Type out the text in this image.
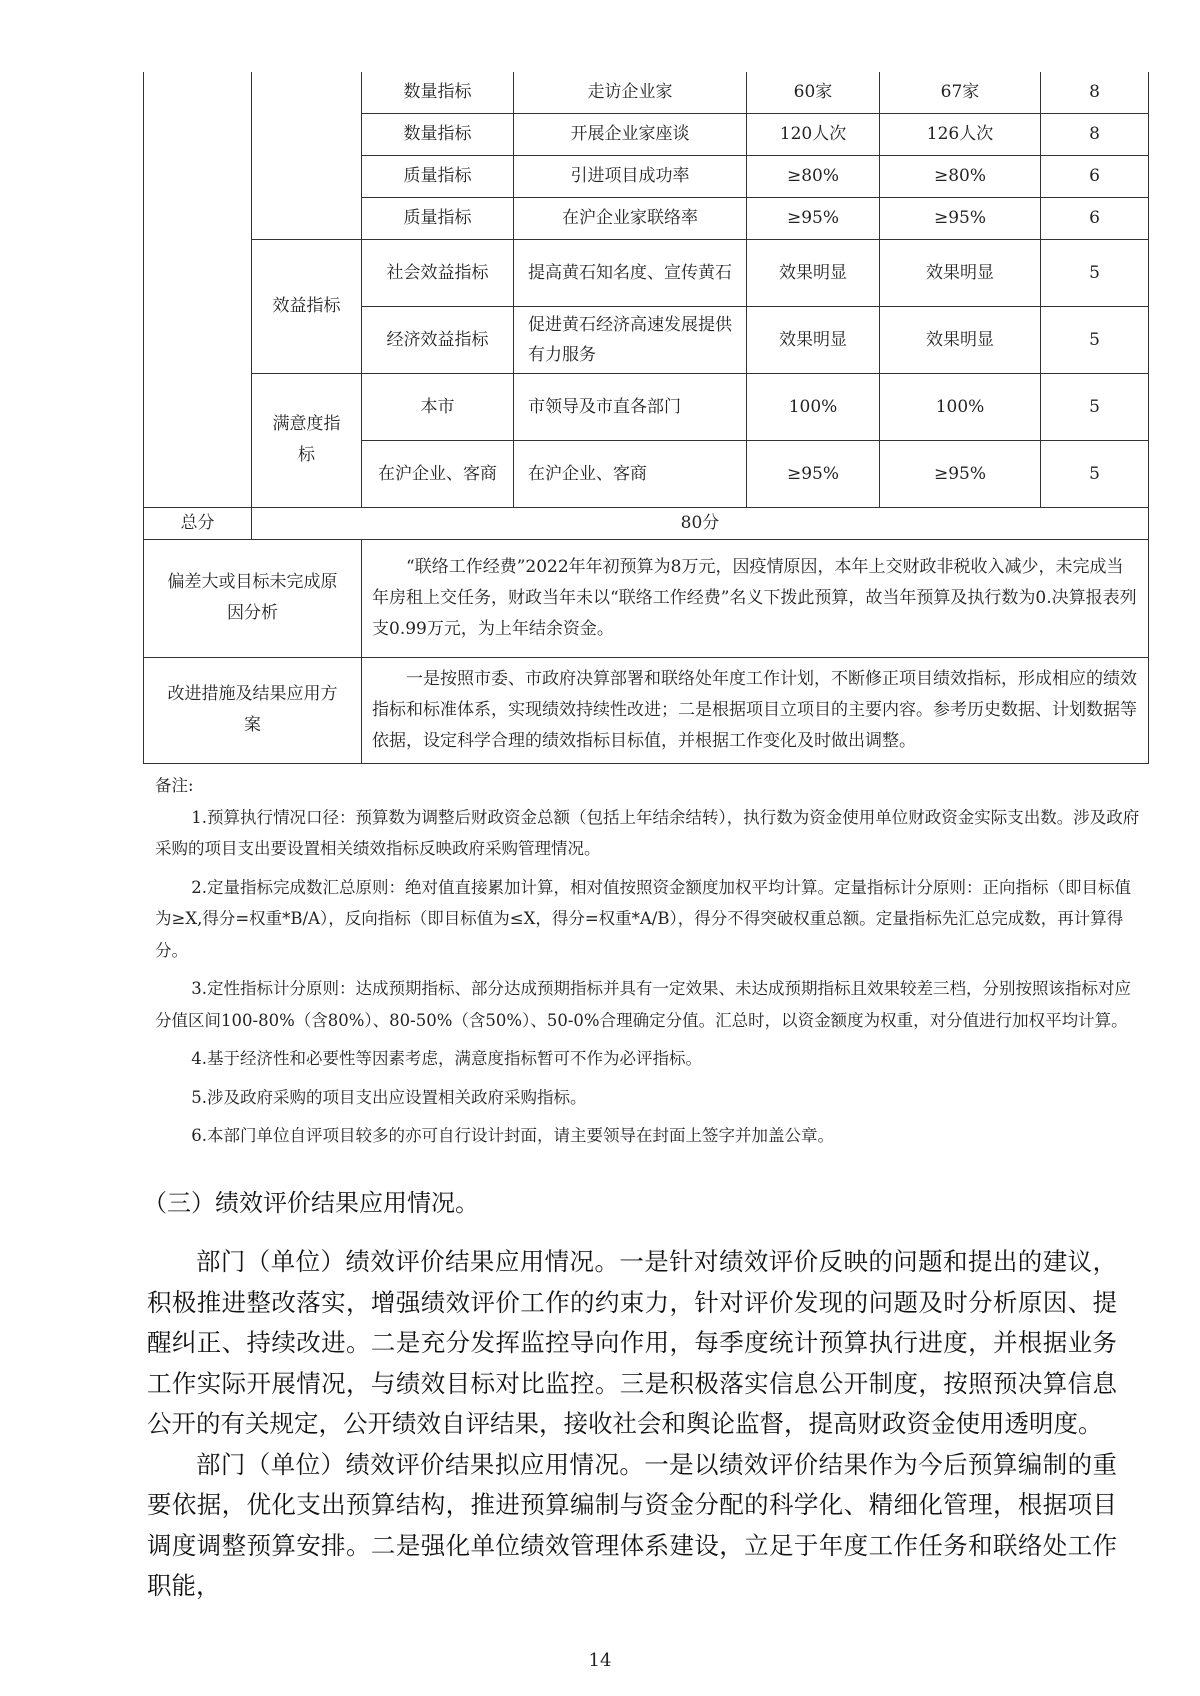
		数量指标	走访企业家	60家	67家	8
		数量指标	开展企业家座谈	120人次	126人次	8
		质量指标	引进项目成功率	≥80%	≥80%	6
		质量指标	在沪企业家联络率	≥95%	≥95%	6
	效益指标	社会效益指标	提高黄石知名度、宣传黄石	效果明显	效果明显	5
		经济效益指标	促进黄石经济高速发展提供有力服务	效果明显	效果明显	5
	满意度指标	本市	市领导及市直各部门	100%	100%	5
		在沪企业、客商	在沪企业、客商	≥95%	≥95%	5
总分	80分					
偏差大或目标未完成原因分析		“联络工作经费”2022年年初预算为8万元，因疫情原因，本年上交财政非税收入减少，未完成当年房租上交任务，财政当年未以“联络工作经费”名义下拨此预算，故当年预算及执行数为0.决算报表列支0.99万元，为上年结余资金。				
改进措施及结果应用方案		一是按照市委、市政府决算部署和联络处年度工作计划，不断修正项目绩效指标，形成相应的绩效指标和标准体系，实现绩效持续性改进；二是根据项目立项目的主要内容。参考历史数据、计划数据等依据，设定科学合理的绩效指标目标值，并根据工作变化及时做出调整。				
备注:

1.预算执行情况口径：预算数为调整后财政资金总额（包括上年结余结转），执行数为资金使用单位财政资金实际支出数。涉及政府采购的项目支出要设置相关绩效指标反映政府采购管理情况。

2.定量指标完成数汇总原则：绝对值直接累加计算，相对值按照资金额度加权平均计算。定量指标计分原则：正向指标（即目标值为≥X,得分=权重*B/A），反向指标（即目标值为≤X，得分=权重*A/B），得分不得突破权重总额。定量指标先汇总完成数，再计算得分。

3.定性指标计分原则：达成预期指标、部分达成预期指标并具有一定效果、未达成预期指标且效果较差三档，分别按照该指标对应分值区间100-80%（含80%）、80-50%（含50%）、50-0%合理确定分值。汇总时，以资金额度为权重，对分值进行加权平均计算。

4.基于经济性和必要性等因素考虑，满意度指标暂可不作为必评指标。

5.涉及政府采购的项目支出应设置相关政府采购指标。

6.本部门单位自评项目较多的亦可自行设计封面，请主要领导在封面上签字并加盖公章。

（三）绩效评价结果应用情况。

部门（单位）绩效评价结果应用情况。一是针对绩效评价反映的问题和提出的建议，积极推进整改落实，增强绩效评价工作的约束力，针对评价发现的问题及时分析原因、提醒纠正、持续改进。二是充分发挥监控导向作用，每季度统计预算执行进度，并根据业务工作实际开展情况，与绩效目标对比监控。三是积极落实信息公开制度，按照预决算信息公开的有关规定，公开绩效自评结果，接收社会和舆论监督，提高财政资金使用透明度。

部门（单位）绩效评价结果拟应用情况。一是以绩效评价结果作为今后预算编制的重要依据，优化支出预算结构，推进预算编制与资金分配的科学化、精细化管理，根据项目调度调整预算安排。二是强化单位绩效管理体系建设，立足于年度工作任务和联络处工作职能，

14
